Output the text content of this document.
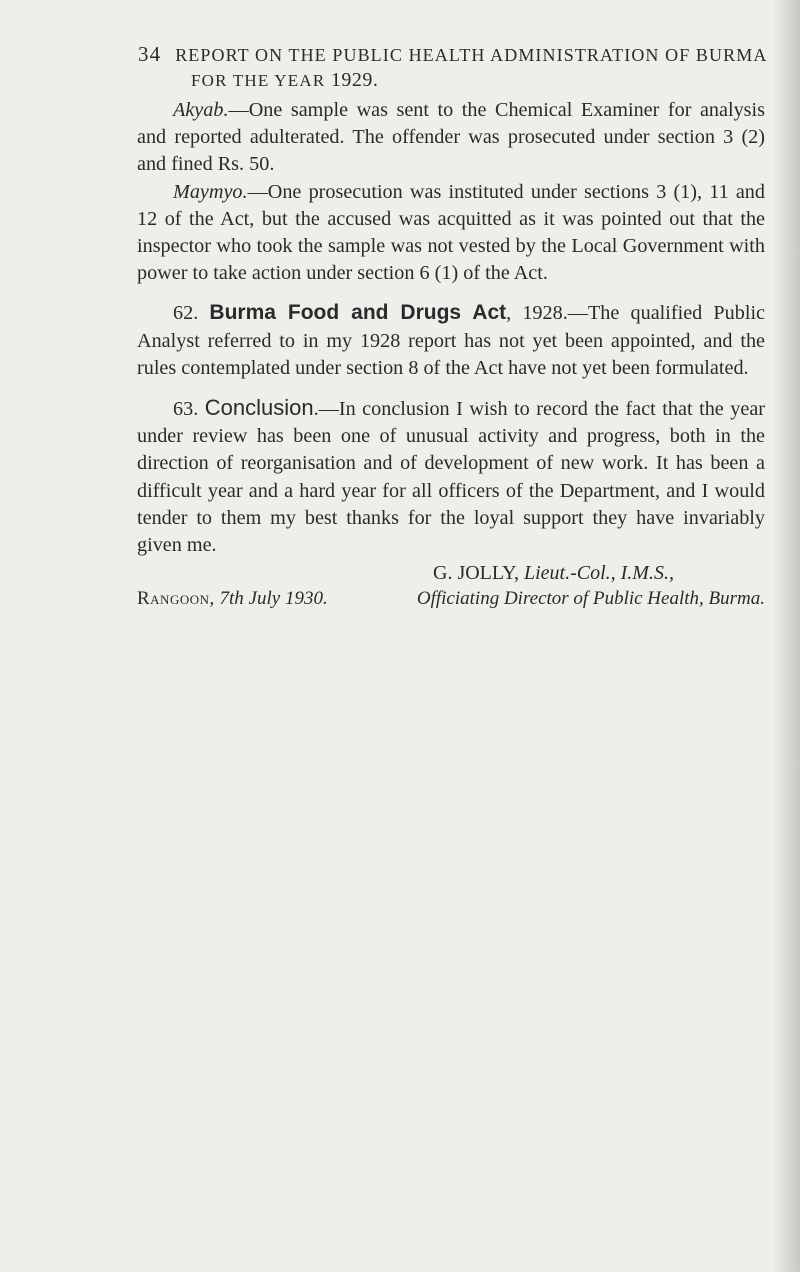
34 REPORT ON THE PUBLIC HEALTH ADMINISTRATION OF BURMA
FOR THE YEAR 1929.

Akyab.—One sample was sent to the Chemical Examiner for analysis and reported adulterated. The offender was prosecuted under section 3 (2) and fined Rs. 50.

Maymyo.—One prosecution was instituted under sections 3 (1), 11 and 12 of the Act, but the accused was acquitted as it was pointed out that the inspector who took the sample was not vested by the Local Government with power to take action under section 6 (1) of the Act.

62. Burma Food and Drugs Act, 1928.—The qualified Public Analyst referred to in my 1928 report has not yet been appointed, and the rules contemplated under section 8 of the Act have not yet been formulated.

63. Conclusion.—In conclusion I wish to record the fact that the year under review has been one of unusual activity and progress, both in the direction of reorganisation and of development of new work. It has been a difficult year and a hard year for all officers of the Department, and I would tender to them my best thanks for the loyal support they have invariably given me.

G. JOLLY, Lieut.-Col., I.M.S.,
Rangoon, 7th July 1930.	Officiating Director of Public Health, Burma.
